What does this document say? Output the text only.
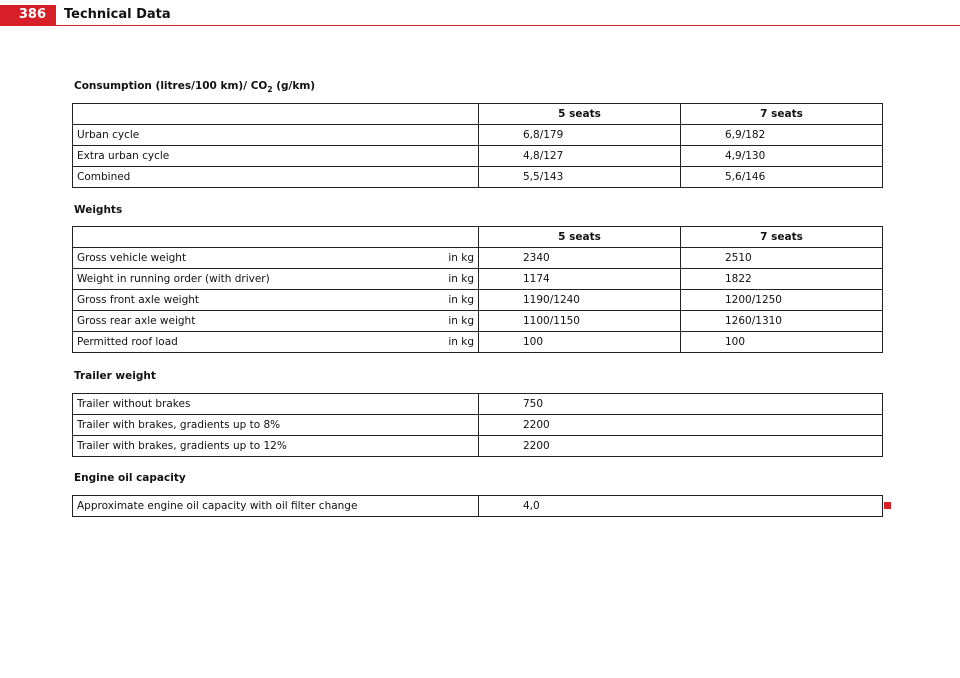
386	Technical Data
Consumption (litres/100 km)/ $CO_2$ (g/km)
	5 seats	7 seats
Urban cycle	6,8/179	6,9/182
Extra urban cycle	4,8/127	4,9/130
Combined	5,5/143	5,6/146
Weights
	5 seats	7 seats

Gross vehicle weight in kg	2340	2510

Weight in running order (with driver) in kg	1174	1822

Gross front axle weight in kg	1190/1240	1200/1250

Gross rear axle weight in kg	1100/1150	1260/1310

Permitted roof load in kg	100	100
Trailer weight
Trailer without brakes	750
Trailer with brakes, gradients up to 8%	2200
Trailer with brakes, gradients up to 12%	2200
Engine oil capacity
Approximate engine oil capacity with oil filter change	4,0
